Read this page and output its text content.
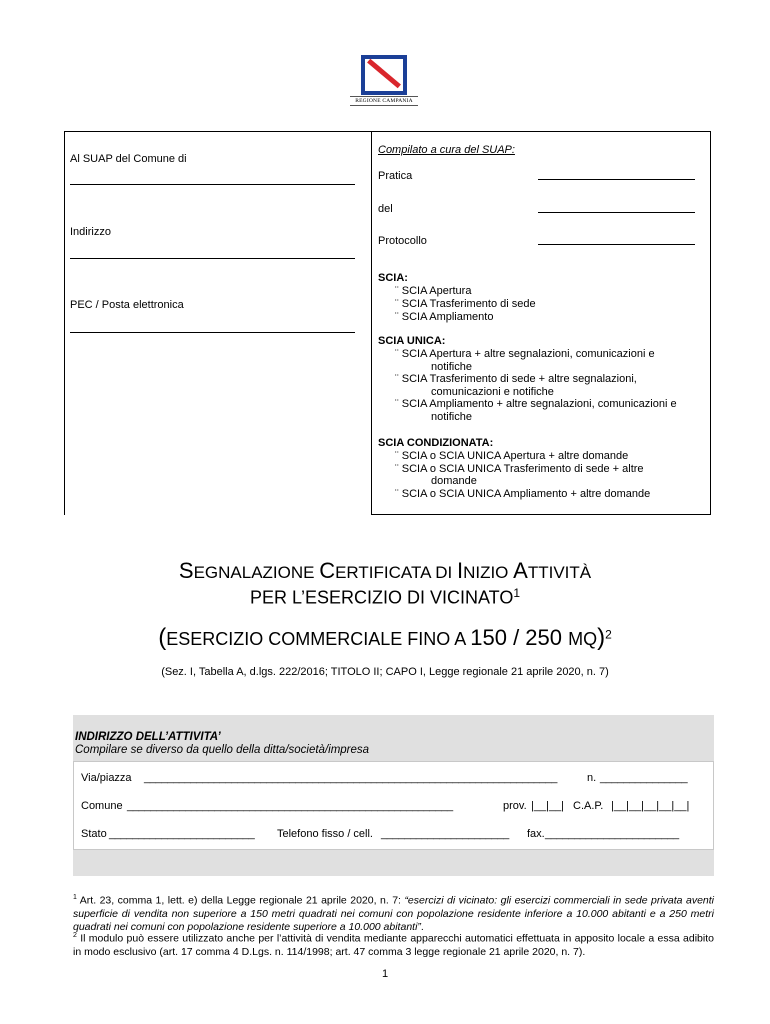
REGIONE CAMPANIA
Al SUAP del Comune di
Indirizzo
PEC / Posta elettronica
Compilato a cura del SUAP:
Pratica
del
Protocollo
SCIA:
¨ SCIA Apertura
¨ SCIA Trasferimento di sede
¨ SCIA Ampliamento
SCIA UNICA:
¨ SCIA Apertura + altre segnalazioni, comunicazioni e
notifiche
¨ SCIA Trasferimento di sede + altre segnalazioni,
comunicazioni e notifiche
¨ SCIA Ampliamento + altre segnalazioni, comunicazioni e
notifiche
SCIA CONDIZIONATA:
¨ SCIA o SCIA UNICA Apertura + altre domande
¨ SCIA o SCIA UNICA Trasferimento di sede + altre
domande
¨ SCIA o SCIA UNICA Ampliamento + altre domande
SEGNALAZIONE CERTIFICATA DI INIZIO ATTIVITÀ
PER L’ESERCIZIO DI VICINATO$^1$
(ESERCIZIO COMMERCIALE FINO A 150 / 250 MQ)$^2$
(Sez. I, Tabella A, d.lgs. 222/2016; TITOLO II; CAPO I, Legge regionale 21 aprile 2020, n. 7)
INDIRIZZO DELL’ATTIVITA’
Compilare se diverso da quello della ditta/società/impresa
Via/piazza _______________________________________________________________________	n. _______________
Comune ________________________________________________________	prov. |__|__| C.A.P. |__|__|__|__|__|
Stato _________________________ Telefono fisso / cell. ______________________ fax. _______________________
$^1$ Art. 23, comma 1, lett. e) della Legge regionale 21 aprile 2020, n. 7: “esercizi di vicinato: gli esercizi commerciali in sede privata aventi superficie di vendita non superiore a 150 metri quadrati nei comuni con popolazione residente inferiore a 10.000 abitanti e a 250 metri quadrati nei comuni con popolazione residente superiore a 10.000 abitanti”.
$^2$ Il modulo può essere utilizzato anche per l’attività di vendita mediante apparecchi automatici effettuata in apposito locale a essa adibito in modo esclusivo (art. 17 comma 4 D.Lgs. n. 114/1998; art. 47 comma 3 legge regionale 21 aprile 2020, n. 7).
1
